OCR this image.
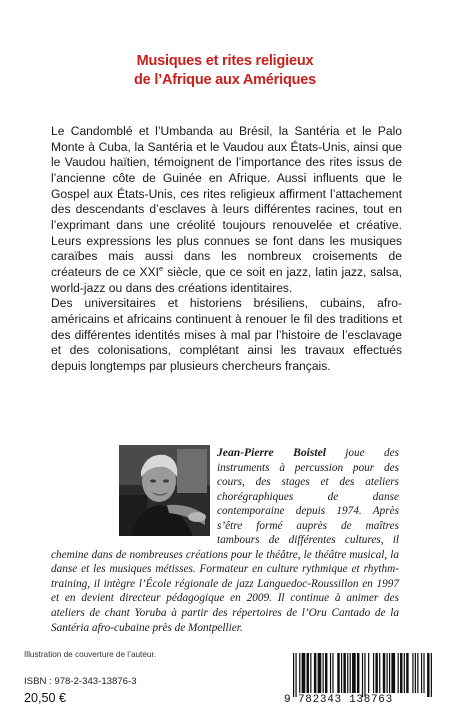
Musiques et rites religieux
de l’Afrique aux Amériques

Le Candomblé et l’Umbanda au Brésil, la Santéria et le Palo Monte à Cuba, la Santéria et le Vaudou aux États-Unis, ainsi que le Vaudou haïtien, témoignent de l’importance des rites issus de l’ancienne côte de Guinée en Afrique. Aussi influents que le Gospel aux États-Unis, ces rites religieux affirment l’attachement des descendants d’esclaves à leurs différentes racines, tout en l’exprimant dans une créolité toujours renouvelée et créative. Leurs expressions les plus connues se font dans les musiques caraïbes mais aussi dans les nombreux croisements de créateurs de ce XXIe siècle, que ce soit en jazz, latin jazz, salsa, world-jazz ou dans des créations identitaires.

Des universitaires et historiens brésiliens, cubains, afro-américains et africains continuent à renouer le fil des traditions et des différentes identités mises à mal par l’histoire de l’esclavage et des colonisations, complétant ainsi les travaux effectués depuis longtemps par plusieurs chercheurs français.

Jean-Pierre Boistel joue des instruments à percussion pour des cours, des stages et des ateliers chorégraphiques de danse contemporaine depuis 1974. Après s’être formé auprès de maîtres tambours de différentes cultures, il chemine dans de nombreuses créations pour le théâtre, le théâtre musical, la danse et les musiques métisses. Formateur en culture rythmique et rhythm-training, il intègre l’École régionale de jazz Languedoc-Roussillon en 1997 et en devient directeur pédagogique en 2009. Il continue à animer des ateliers de chant Yoruba à partir des répertoires de l’Oru Cantado de la Santéria afro-cubaine près de Montpellier.

Illustration de couverture de l’auteur.
ISBN : 978-2-343-13876-3
20,50 €	9 782343 138763
